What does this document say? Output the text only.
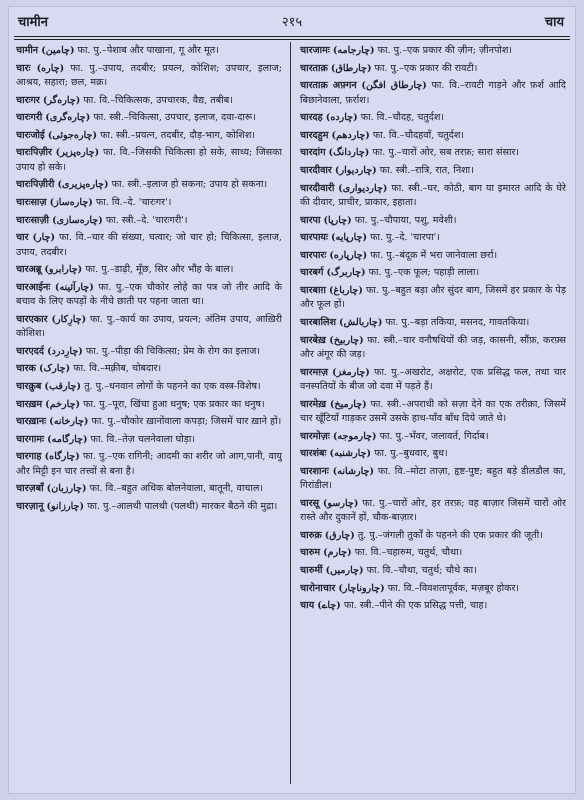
२१५
चामीन	चाय

चामीन (چامین) फा. पु.–पेशाब और पाखाना, गू और मूत।

चारः (چاره) फा. पु.–उपाय, तदबीर; प्रयत्न, कोशिश; उपचार, इलाज; आश्रय, सहारा; छल, मक्र।

चारःगर (چاره‌گر) फा. वि.–चिकित्सक, उपचारक, वैद्य, तबीब।

चारःगरी (چاره‌گری) फा. स्त्री.–चिकित्सा, उपचार, इलाज, दवा-दारू।

चारःजोई (چاره‌جوئی) फा. स्त्री.–प्रयत्न, तदबीर, दौड़-भाग, कोशिश।

चारःपिज़ीर (چاره‌پزیر) फा. वि.–जिसकी चिकित्सा हो सके, साध्य; जिसका उपाय हो सके।

चारःपिज़ीरी (چاره‌پزیری) फा. स्त्री.–इलाज हो सकना; उपाय हो सकना।

चारःसाज़ (چاره‌ساز) फा. वि.–दे. 'चारःगर'।

चारःसाज़ी (چاره‌سازی) फा. स्त्री.–दे. 'चारःगरी'।

चार (چار) फा. वि.–चार की संख्या, चत्वार; जो चार हो; चिकित्सा, इलाज, उपाय, तदबीर।

चारअब्रू (چارابرو) फा. पु.–डाढ़ी, मूँछ, सिर और भौंह के बाल।

चारआईनः (چارآئینه) फा. पु.–एक चौकोर लोहे का पत्र जो तीर आदि के बचाव के लिए कपड़ों के नीचे छाती पर पहना जाता था।

चारएकार (چارِکار) फा. पु.–कार्य का उपाय, प्रयत्न; अंतिम उपाय, आख़िरी कोशिश।

चारएदर्द (چارِدرد) फा. पु.–पीड़ा की चिकित्सा; प्रेम के रोग का इलाज।

चारक (چارک) फा. वि.–मक़्रीब, चोबदार।

चारक़ुब (چارقب) तु. पु.–धनवान लोगों के पहनने का एक वस्त्र-विशेष।

चारख़म (چارخم) फा. पु.–पूरा, खिंचा हुआ धनुष; एक प्रकार का धनुष।

चारख़ानः (چارخانه) फा. पु.–चौकोर ख़ानोंवाला कपड़ा; जिसमें चार ख़ाने हों।

चारगामः (چارگامه) फा. वि.–तेज़ चलनेवाला घोड़ा।

चारगाह (چارگاه) फा. पु.–एक रागिनी; आदमी का शरीर जो आग,पानी, वायु और मिट्टी इन चार तत्त्वों से बना है।

चारज़बाँ (چارزبان) फा. वि.–बहुत अधिक बोलनेवाला, बातूनी, वाचाल।

चारज़ानू (چارزانو) फा. पु.–आलथी पालथी (पलथी) मारकर बैठने की मुद्रा।

चारजामः (چارجامه) फा. पु.–एक प्रकार की ज़ीन; ज़ीनपोश।

चारताक़ (چارطاق) फा. पु.–एक प्रकार की रावटी।

चारताक़ अफ़्गन (چارطاق افگن) फा. वि.–रावटी गाड़ने और फ़र्श आदि बिछानेवाला, फ़र्राश।

चारदह (چارده) फा. वि.–चौदह, चतुर्दश।

चारदहुम (چاردهم) फा. वि.–चौदहवाँ, चतुर्दश।

चारदांग (چاردانگ) फा. पु.–चारों ओर, सब तरफ़; सारा संसार।

चारदीवार (چاردیوار) फा. स्त्री.–रात्रि, रात, निशा।

चारदीवारी (چاردیواری) फा. स्त्री.–घर, कोठी, बाग या इमारत आदि के घेरे की दीवार, प्राचीर, प्राकार, इहाता।

चारपा (چارپا) फा. पु.–चौपाया, पशु, मवेशी।

चारपायः (چارپایه) फा. पु.–दे. 'चारपा'।

चारपारः (چارپاره) फा. पु.–बंदूक़ में भरा जानेवाला छर्रा।

चारबर्ग (چاربرگ) फा. पु.–एक फूल; पहाड़ी लाला।

चारबाग़ (چارباغ) फा. पु.–बहुत बड़ा और सुंदर बाग, जिसमें हर प्रकार के पेड़ और फूल हों।

चारबालिश (چاربالش) फा. पु.–बड़ा तकिया, मसनद, गावतकिया।

चारबेख़ (چاربیخ) फा. स्त्री.–चार वनौषधियों की जड़, कासनी, सौंफ़, करफ़्स और अंगूर की जड़।

चारमग़्ज़ (چارمغز) फा. पु.–अखरोट, अक्षरोट, एक प्रसिद्ध फल, तथा चार वनस्पतियों के बीज जो दवा में पड़ते हैं।

चारमेख़ (چارمیخ) फा. स्त्री.–अपराधी को सज़ा देने का एक तरीक़ा, जिसमें चार खूँटियाँ गाड़कर उसमें उसके हाथ-पाँव बाँध दिये जाते थे।

चारमोज़ः (چارموجه) फा. पु.–भँवर, जलावर्त, गिर्दाब।

चारशंबः (چارشنبه) फा. पु.–बुधवार, बुध।

चारशानः (چارشانه) फा. वि.–मोटा ताज़ा, हृष्ट-पुष्ट; बहुत बड़े डीलडौल का, गिरांडील।

चारसू (چارسو) फा. पु.–चारों ओर, हर तरफ़; वह बाज़ार जिसमें चारों ओर रास्ते और दुकानें हों, चौक-बाज़ार।

चारुक़ (چارق) तु. पु.–जंगली तुर्कों के पहनने की एक प्रकार की जूती।

चारुम (چارم) फा. वि.–चहारुम, चतुर्थ, चौथा।

चारुमीं (چارمیں) फा. वि.–चौथा, चतुर्थ; चौथे का।

चारोनाचार (چاروناچار) फा. वि.–विवशतापूर्वक, मज़बूर होकर।

चाय (چاے) फा. स्त्री.–पीने की एक प्रसिद्ध पत्ती, चाह।
